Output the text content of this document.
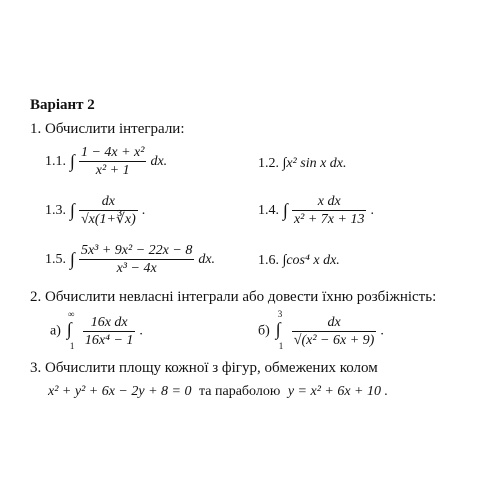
Варіант 2
1. Обчислити інтеграли:
1.1. ∫ $\frac{\text{1 − 4x + x²}}{\text{x² + 1}}$ dx.	1.2. ∫x² sin x dx.
1.3. ∫ $\frac{dx}{√x(1+∛x)}$ .	1.4. ∫ $\frac{\text{x dx}}{\text{x² + 7x + 13}}$ .
1.5. ∫ $\frac{\text{5x³ + 9x² − 22x − 8}}{\text{x³ − 4x}}$ dx.	1.6. ∫cos⁴ x dx.
2. Обчислити невласні інтеграли або довести їхню розбіжність:
а)
∞
∫
1
$\frac{\text{16x dx}}{\text{16x⁴ − 1}}$ .	б)
3
∫
1
$\frac{dx}{\text{√(x² − 6x + 9)}}$ .
3. Обчислити площу кожної з фігур, обмежених колом
x² + y² + 6x − 2y + 8 = 0 та параболою y = x² + 6x + 10 .
